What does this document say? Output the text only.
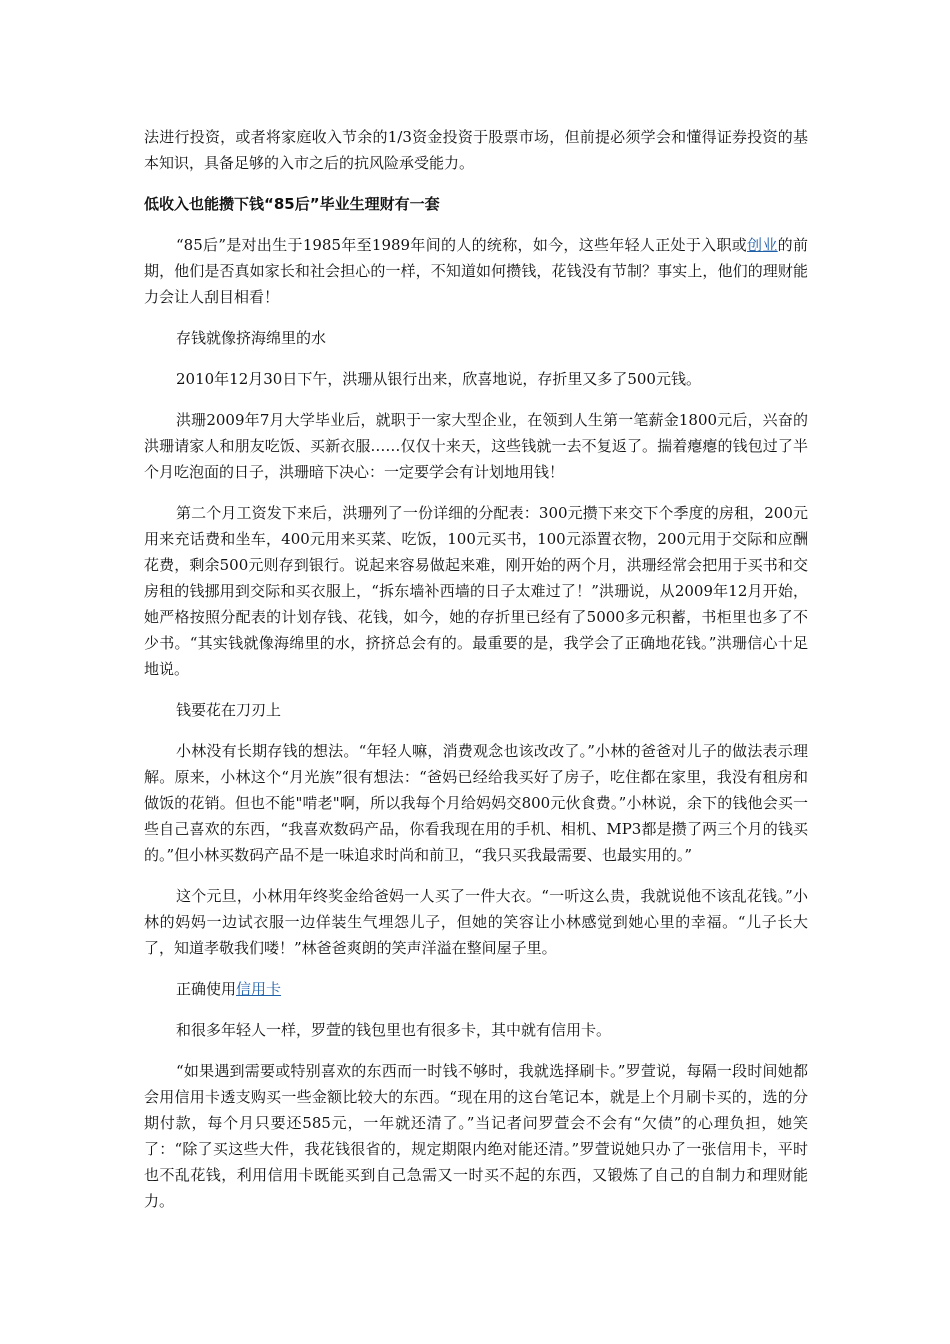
法进行投资，或者将家庭收入节余的1/3资金投资于股票市场，但前提必须学会和懂得证券投资的基本知识，具备足够的入市之后的抗风险承受能力。

低收入也能攒下钱“85后”毕业生理财有一套

“85后”是对出生于1985年至1989年间的人的统称，如今，这些年轻人正处于入职或创业的前期，他们是否真如家长和社会担心的一样，不知道如何攒钱，花钱没有节制？事实上，他们的理财能力会让人刮目相看！

存钱就像挤海绵里的水

2010年12月30日下午，洪珊从银行出来，欣喜地说，存折里又多了500元钱。

洪珊2009年7月大学毕业后，就职于一家大型企业，在领到人生第一笔薪金1800元后，兴奋的洪珊请家人和朋友吃饭、买新衣服……仅仅十来天，这些钱就一去不复返了。揣着瘪瘪的钱包过了半个月吃泡面的日子，洪珊暗下决心：一定要学会有计划地用钱！

第二个月工资发下来后，洪珊列了一份详细的分配表：300元攒下来交下个季度的房租，200元用来充话费和坐车，400元用来买菜、吃饭，100元买书，100元添置衣物，200元用于交际和应酬花费，剩余500元则存到银行。说起来容易做起来难，刚开始的两个月，洪珊经常会把用于买书和交房租的钱挪用到交际和买衣服上，“拆东墙补西墙的日子太难过了！”洪珊说，从2009年12月开始，她严格按照分配表的计划存钱、花钱，如今，她的存折里已经有了5000多元积蓄，书柜里也多了不少书。“其实钱就像海绵里的水，挤挤总会有的。最重要的是，我学会了正确地花钱。”洪珊信心十足地说。

钱要花在刀刃上

小林没有长期存钱的想法。“年轻人嘛，消费观念也该改改了。”小林的爸爸对儿子的做法表示理解。原来，小林这个“月光族”很有想法：“爸妈已经给我买好了房子，吃住都在家里，我没有租房和做饭的花销。但也不能"啃老"啊，所以我每个月给妈妈交800元伙食费。”小林说，余下的钱他会买一些自己喜欢的东西，“我喜欢数码产品，你看我现在用的手机、相机、MP3都是攒了两三个月的钱买的。”但小林买数码产品不是一味追求时尚和前卫，“我只买我最需要、也最实用的。”

这个元旦，小林用年终奖金给爸妈一人买了一件大衣。“一听这么贵，我就说他不该乱花钱。”小林的妈妈一边试衣服一边佯装生气埋怨儿子，但她的笑容让小林感觉到她心里的幸福。“儿子长大了，知道孝敬我们喽！”林爸爸爽朗的笑声洋溢在整间屋子里。

正确使用信用卡

和很多年轻人一样，罗萱的钱包里也有很多卡，其中就有信用卡。

“如果遇到需要或特别喜欢的东西而一时钱不够时，我就选择刷卡。”罗萱说，每隔一段时间她都会用信用卡透支购买一些金额比较大的东西。“现在用的这台笔记本，就是上个月刷卡买的，选的分期付款，每个月只要还585元，一年就还清了。”当记者问罗萱会不会有“欠债”的心理负担，她笑了：“除了买这些大件，我花钱很省的，规定期限内绝对能还清。”罗萱说她只办了一张信用卡，平时也不乱花钱，利用信用卡既能买到自己急需又一时买不起的东西，又锻炼了自己的自制力和理财能力。
